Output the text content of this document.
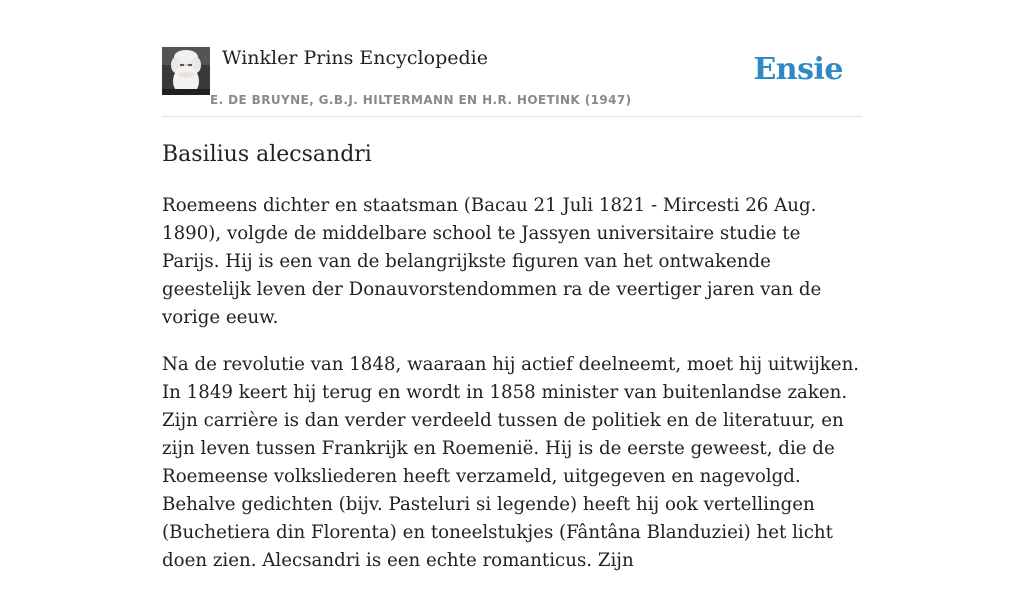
Winkler Prins Encyclopedie
E. DE BRUYNE, G.B.J. HILTERMANN EN H.R. HOETINK (1947)
Ensie
Basilius alecsandri

Roemeens dichter en staatsman (Bacau 21 Juli 1821 - Mircesti 26 Aug. 1890), volgde de middelbare school te Jassyen universitaire studie te Parijs. Hij is een van de belangrijkste figuren van het ontwakende geestelijk leven der Donauvorstendommen ra de veertiger jaren van de vorige eeuw.

Na de revolutie van 1848, waaraan hij actief deelneemt, moet hij uitwijken. In 1849 keert hij terug en wordt in 1858 minister van buitenlandse zaken. Zijn carrière is dan verder verdeeld tussen de politiek en de literatuur, en zijn leven tussen Frankrijk en Roemenië. Hij is de eerste geweest, die de Roemeense volksliederen heeft verzameld, uitgegeven en nagevolgd. Behalve gedichten (bijv. Pasteluri si legende) heeft hij ook vertellingen (Buchetiera din Florenta) en toneelstukjes (Fântâna Blanduziei) het licht doen zien. Alecsandri is een echte romanticus. Zijn
